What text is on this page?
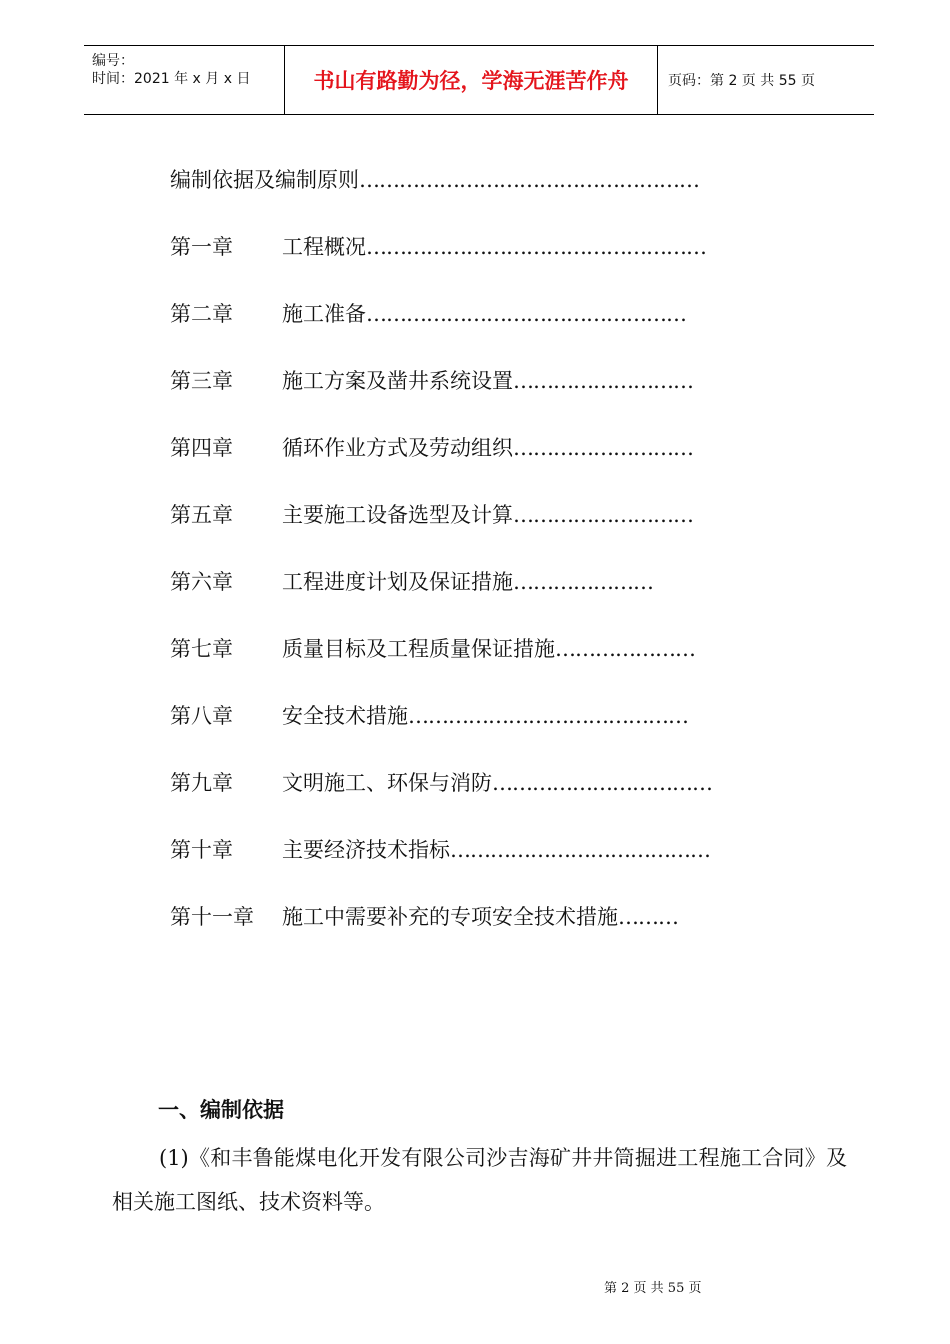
编号：
时间：2021 年 x 月 x 日	书山有路勤为径，学海无涯苦作舟	页码：第 2 页 共 55 页
编制依据及编制原则……………………………………………
第一章 工程概况……………………………………………
第二章 施工准备…………………………………………
第三章 施工方案及凿井系统设置………………………
第四章 循环作业方式及劳动组织………………………
第五章 主要施工设备选型及计算………………………
第六章 工程进度计划及保证措施…………………
第七章 质量目标及工程质量保证措施…………………
第八章 安全技术措施……………………………………
第九章 文明施工、环保与消防……………………………
第十章 主要经济技术指标…………………………………
第十一章 施工中需要补充的专项安全技术措施………
一、编制依据
(1)《和丰鲁能煤电化开发有限公司沙吉海矿井井筒掘进工程施工合同》及相关施工图纸、技术资料等。
第 2 页 共 55 页
